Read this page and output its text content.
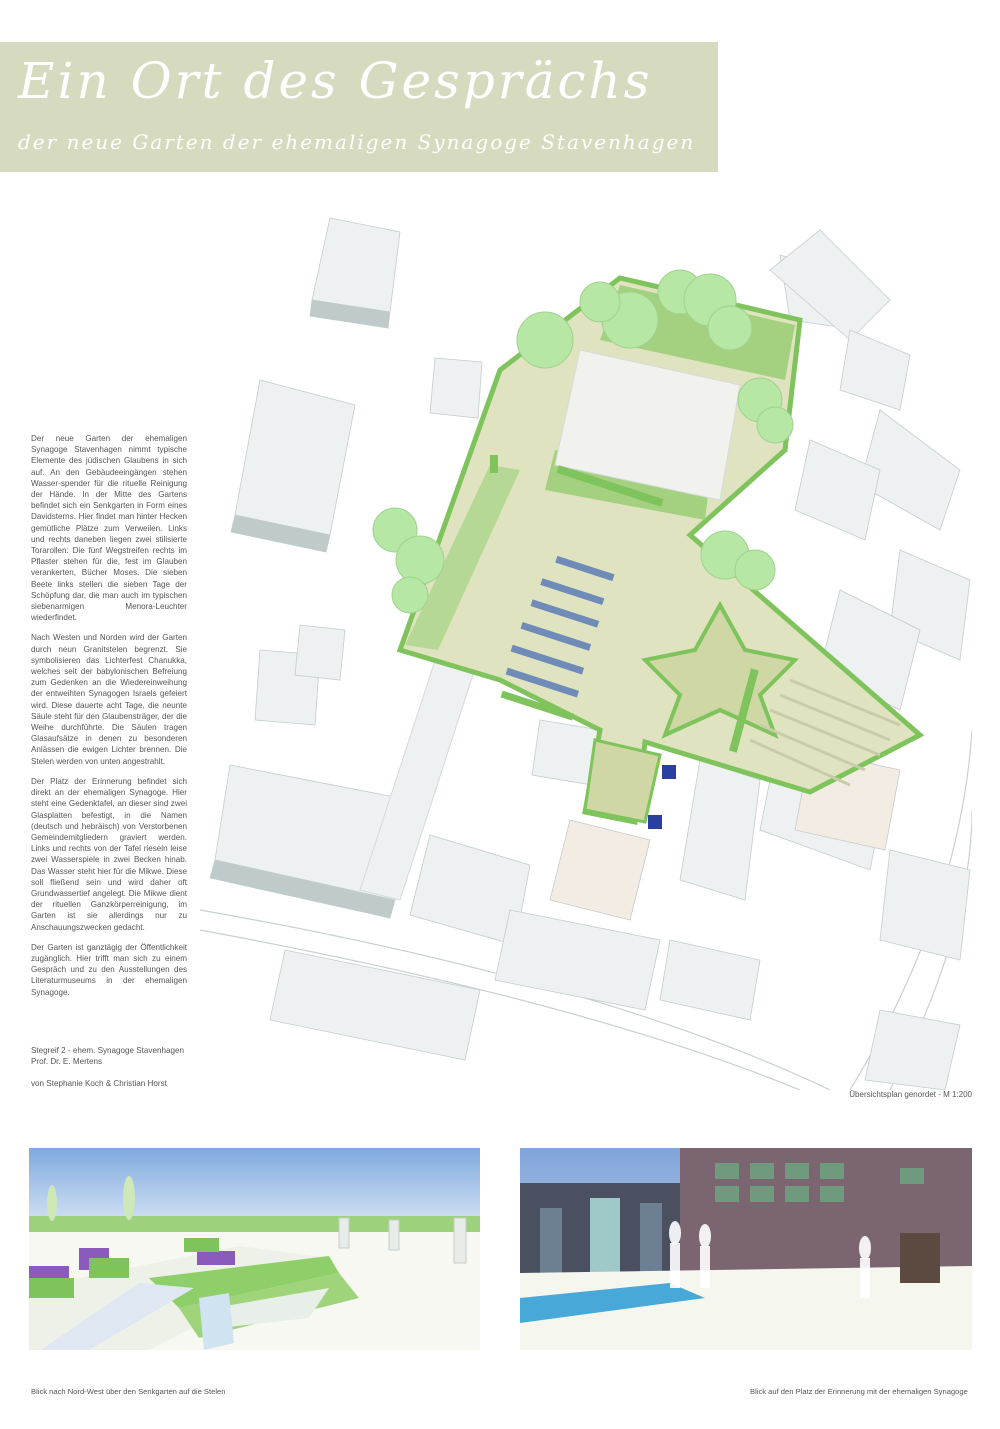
Ein Ort des Gesprächs
der neue Garten der ehemaligen Synagoge Stavenhagen

Der neue Garten der ehemaligen Synagoge Stavenhagen nimmt typische Elemente des jüdischen Glaubens in sich auf. An den Gebäudeeingängen stehen Wasser-spender für die rituelle Reinigung der Hände. In der Mitte des Gartens befindet sich ein Senkgarten in Form eines Davidsterns. Hier findet man hinter Hecken gemütliche Plätze zum Verweilen. Links und rechts daneben liegen zwei stilisierte Torarollen: Die fünf Wegstreifen rechts im Pflaster stehen für die, fest im Glauben verankerten, Bücher Moses. Die sieben Beete links stellen die sieben Tage der Schöpfung dar, die man auch im typischen siebenarmigen Menora-Leuchter wiederfindet.

Nach Westen und Norden wird der Garten durch neun Granitstelen begrenzt. Sie symbolisieren das Lichterfest Chanukka, welches seit der babylonischen Befreiung zum Gedenken an die Wiedereinweihung der entweihten Synagogen Israels gefeiert wird. Diese dauerte acht Tage, die neunte Säule steht für den Glaubensträger, der die Weihe durchführte. Die Säulen tragen Glasaufsätze in denen zu besonderen Anlässen die ewigen Lichter brennen. Die Stelen werden von unten angestrahlt.

Der Platz der Erinnerung befindet sich direkt an der ehemaligen Synagoge. Hier steht eine Gedenktafel, an dieser sind zwei Glasplatten befestigt, in die Namen (deutsch und hebräisch) von Verstorbenen Gemeindemitgliedern graviert werden. Links und rechts von der Tafel rieseln leise zwei Wasserspiele in zwei Becken hinab. Das Wasser steht hier für die Mikwe. Diese soll fließend sein und wird daher oft Grundwassertief angelegt. Die Mikwe dient der rituellen Ganzkörperreinigung, im Garten ist sie allerdings nur zu Anschauungszwecken gedacht.

Der Garten ist ganztägig der Öffentlichkeit zugänglich. Hier trifft man sich zu einem Gespräch und zu den Ausstellungen des Literaturmuseums in der ehemaligen Synagoge.

Stegreif 2 - ehem. Synagoge Stavenhagen
Prof. Dr. E. Mertens
von Stephanie Koch & Christian Horst
Übersichtsplan genordet - M 1:200
Blick nach Nord-West über den Senkgarten auf die Stelen	Blick auf den Platz der Erinnerung mit der ehemaligen Synagoge
